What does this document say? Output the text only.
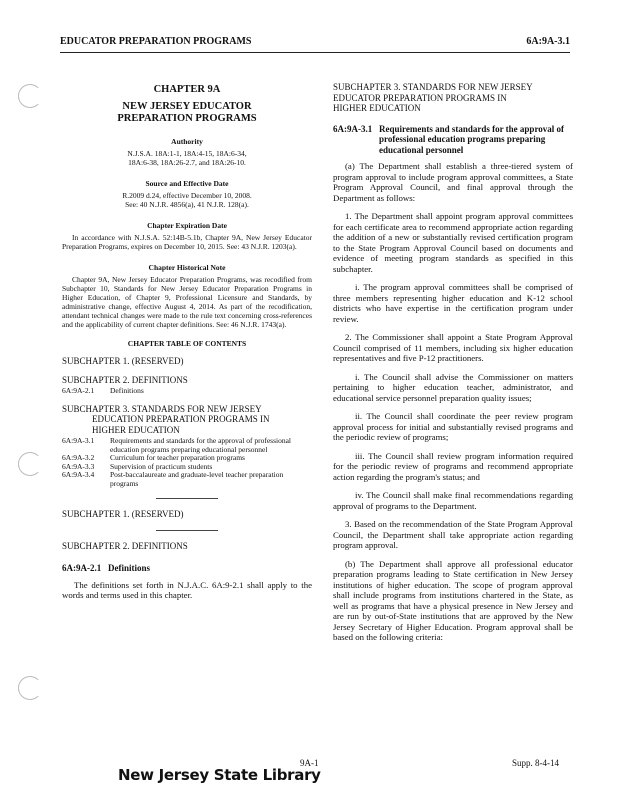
EDUCATOR PREPARATION PROGRAMS	6A:9A-3.1
CHAPTER 9A
NEW JERSEY EDUCATOR
PREPARATION PROGRAMS
Authority
N.J.S.A. 18A:1-1, 18A:4-15, 18A:6-34,
18A:6-38, 18A:26-2.7, and 18A:26-10.
Source and Effective Date
R.2009 d.24, effective December 10, 2008.
See: 40 N.J.R. 4856(a), 41 N.J.R. 128(a).
Chapter Expiration Date
In accordance with N.J.S.A. 52:14B-5.1b, Chapter 9A, New Jersey Educator Preparation Programs, expires on December 10, 2015. See: 43 N.J.R. 1203(a).
Chapter Historical Note
Chapter 9A, New Jersey Educator Preparation Programs, was recodified from Subchapter 10, Standards for New Jersey Educator Preparation Programs in Higher Education, of Chapter 9, Professional Licensure and Standards, by administrative change, effective August 4, 2014. As part of the recodification, attendant technical changes were made to the rule text concerning cross-references and the applicability of current chapter definitions. See: 46 N.J.R. 1743(a).
CHAPTER TABLE OF CONTENTS
SUBCHAPTER 1. (RESERVED)
SUBCHAPTER 2. DEFINITIONS
6A:9A-2.1	Definitions
SUBCHAPTER 3. STANDARDS FOR NEW JERSEY
EDUCATION PREPARATION PROGRAMS IN
HIGHER EDUCATION
6A:9A-3.1	Requirements and standards for the approval of professional education programs preparing educational personnel
6A:9A-3.2	Curriculum for teacher preparation programs
6A:9A-3.3	Supervision of practicum students
6A:9A-3.4	Post-baccalaureate and graduate-level teacher preparation programs
SUBCHAPTER 1. (RESERVED)
SUBCHAPTER 2. DEFINITIONS
6A:9A-2.1 Definitions
The definitions set forth in N.J.A.C. 6A:9-2.1 shall apply to the words and terms used in this chapter.
SUBCHAPTER 3. STANDARDS FOR NEW JERSEY
EDUCATOR PREPARATION PROGRAMS IN
HIGHER EDUCATION
6A:9A-3.1 Requirements and standards for the approval of professional education programs preparing educational personnel
(a) The Department shall establish a three-tiered system of program approval to include program approval committees, a State Program Approval Council, and final approval through the Department as follows:
1. The Department shall appoint program approval committees for each certificate area to recommend appropriate action regarding the addition of a new or substantially revised certification program to the State Program Approval Council based on documents and evidence of meeting program standards as specified in this subchapter.
i. The program approval committees shall be comprised of three members representing higher education and K-12 school districts who have expertise in the certification program under review.
2. The Commissioner shall appoint a State Program Approval Council comprised of 11 members, including six higher education representatives and five P-12 practitioners.
i. The Council shall advise the Commissioner on matters pertaining to higher education teacher, administrator, and educational service personnel preparation quality issues;
ii. The Council shall coordinate the peer review program approval process for initial and substantially revised programs and the periodic review of programs;
iii. The Council shall review program information required for the periodic review of programs and recommend appropriate action regarding the program's status; and
iv. The Council shall make final recommendations regarding approval of programs to the Department.
3. Based on the recommendation of the State Program Approval Council, the Department shall take appropriate action regarding program approval.
(b) The Department shall approve all professional educator preparation programs leading to State certification in New Jersey institutions of higher education. The scope of program approval shall include programs from institutions chartered in the State, as well as programs that have a physical presence in New Jersey and are run by out-of-State institutions that are approved by the New Jersey Secretary of Higher Education. Program approval shall be based on the following criteria:
9A-1	Supp. 8-4-14
New Jersey State Library
